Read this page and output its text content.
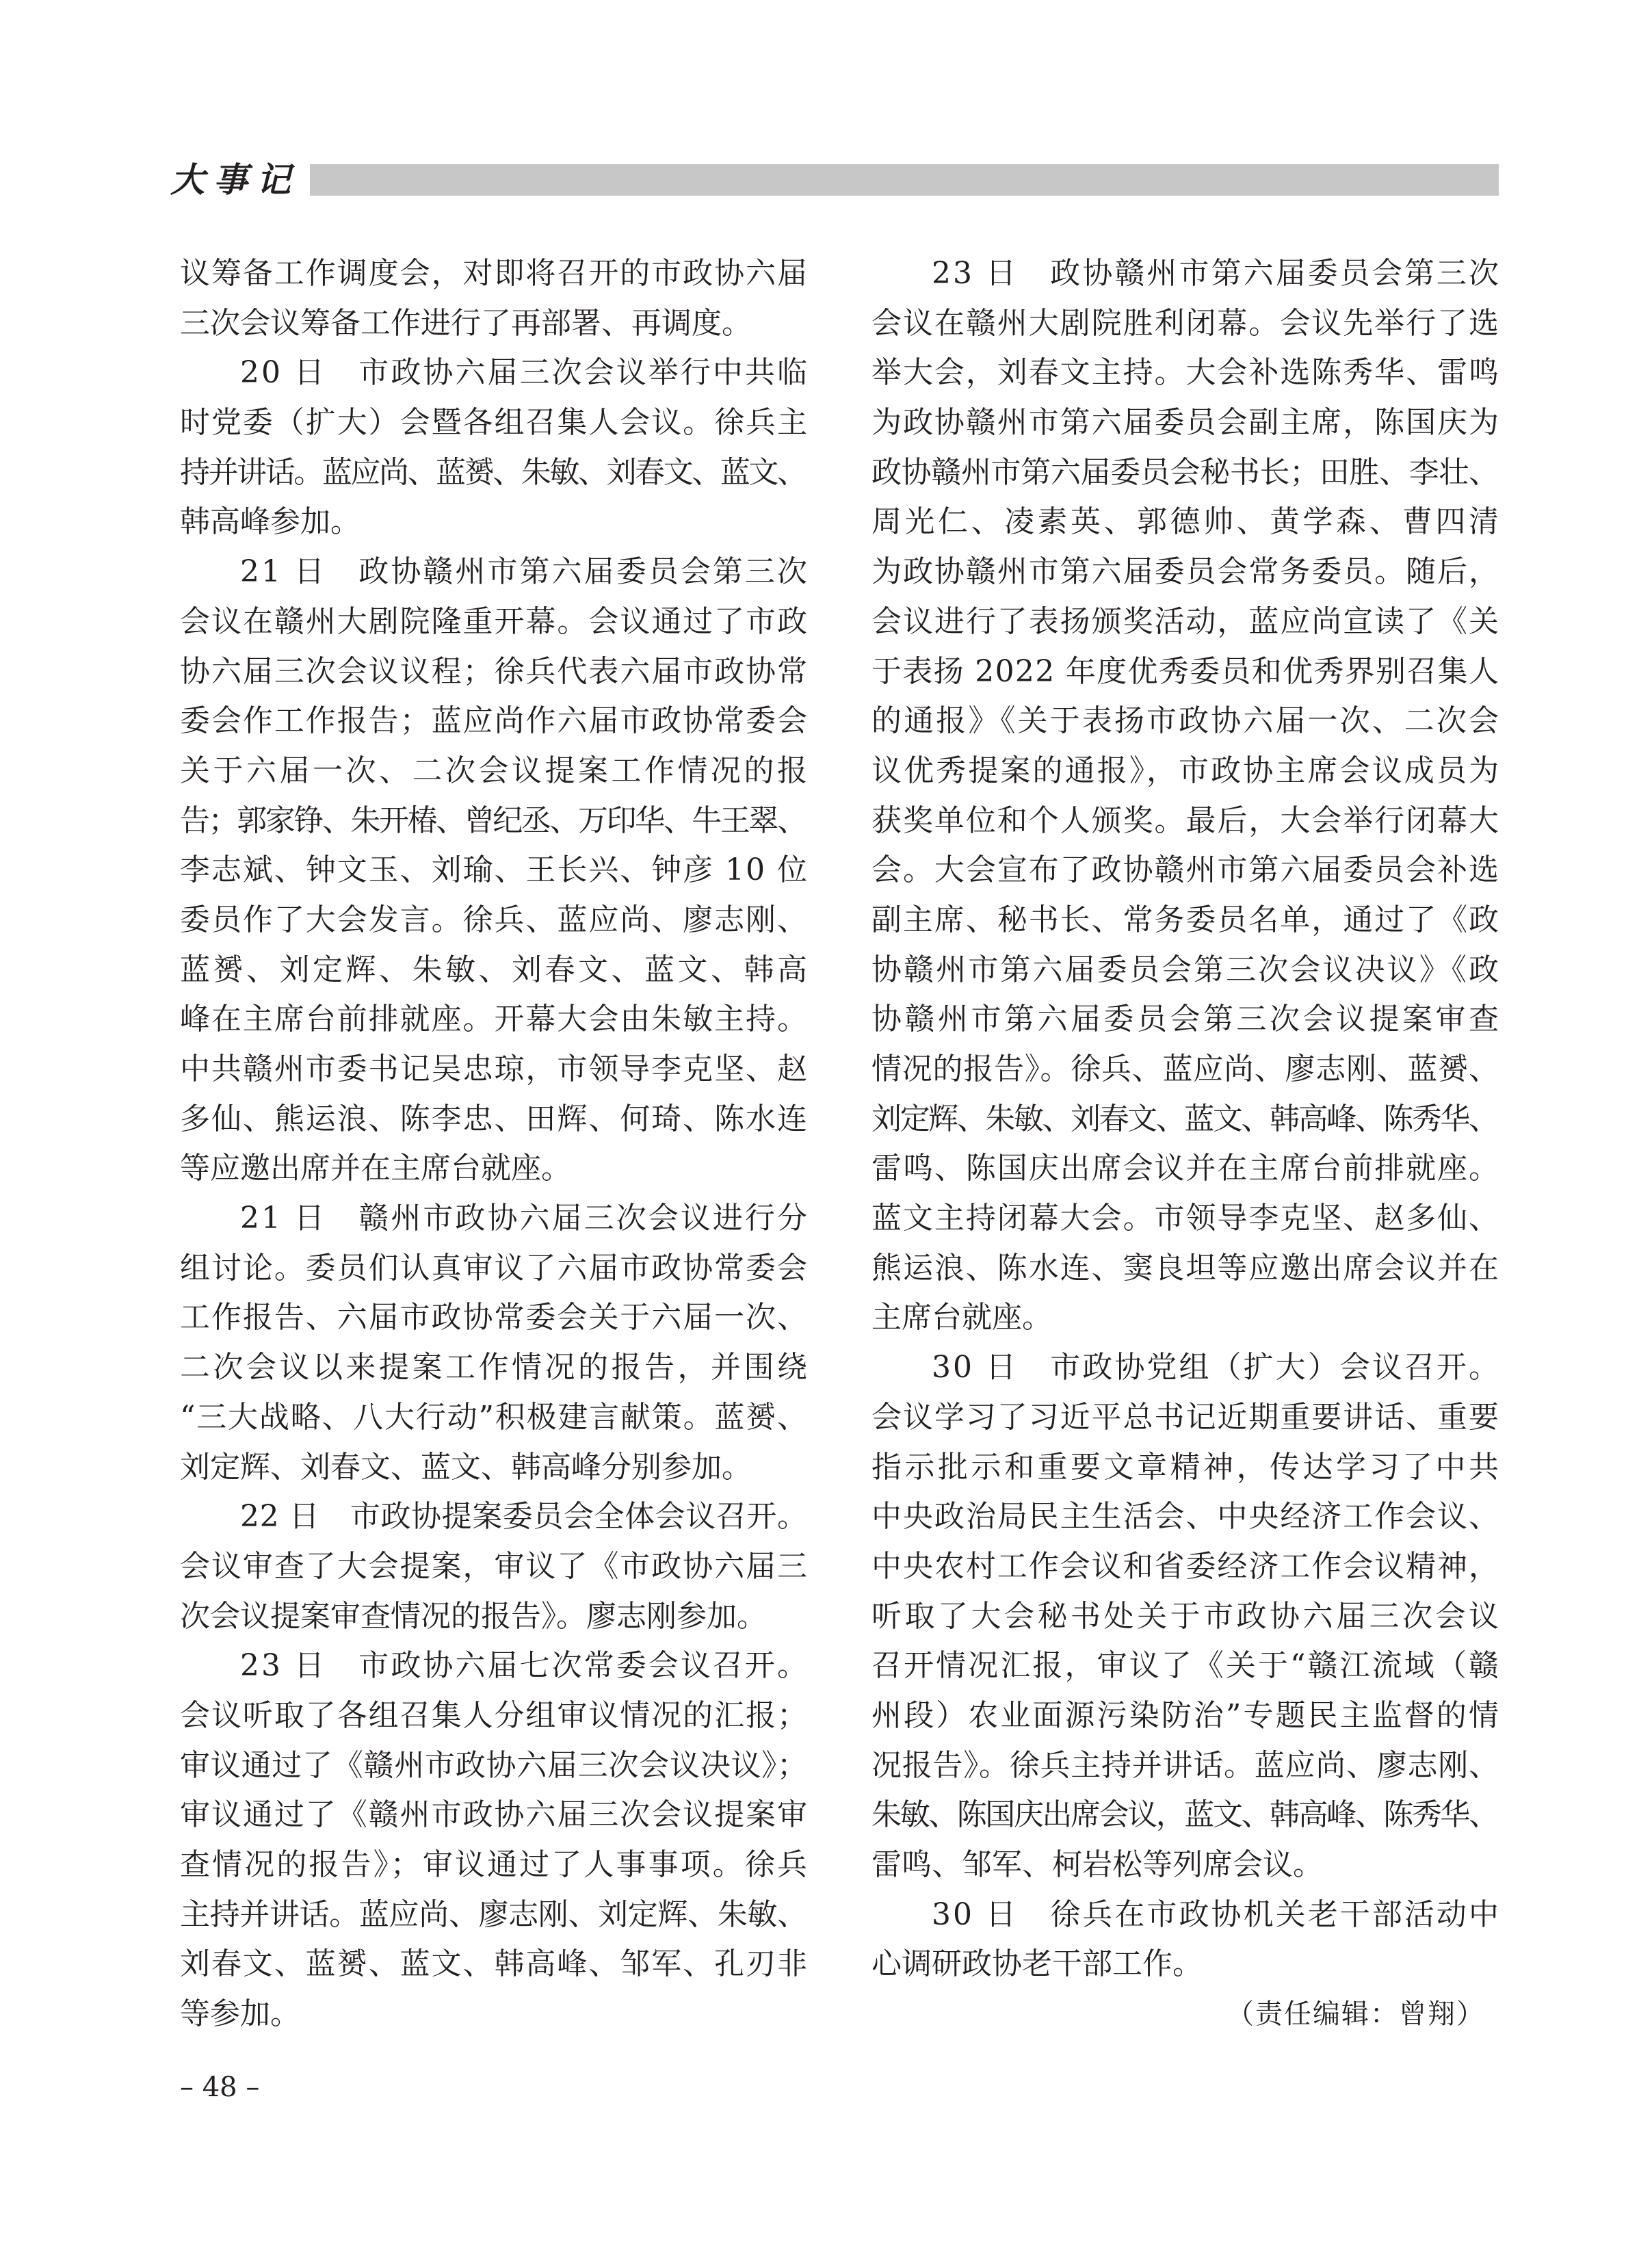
大事记
议筹备工作调度会，对即将召开的市政协六届
三次会议筹备工作进行了再部署、再调度。
20 日　市政协六届三次会议举行中共临
时党委（扩大）会暨各组召集人会议。徐兵主
持并讲话。蓝应尚、蓝赟、朱敏、刘春文、蓝文、
韩高峰参加。
21 日　政协赣州市第六届委员会第三次
会议在赣州大剧院隆重开幕。会议通过了市政
协六届三次会议议程；徐兵代表六届市政协常
委会作工作报告；蓝应尚作六届市政协常委会
关于六届一次、二次会议提案工作情况的报
告；郭家铮、朱开椿、曾纪丞、万印华、牛王翠、
李志斌、钟文玉、刘瑜、王长兴、钟彦 10 位
委员作了大会发言。徐兵、蓝应尚、廖志刚、
蓝赟、刘定辉、朱敏、刘春文、蓝文、韩高
峰在主席台前排就座。开幕大会由朱敏主持。
中共赣州市委书记吴忠琼，市领导李克坚、赵
多仙、熊运浪、陈李忠、田辉、何琦、陈水连
等应邀出席并在主席台就座。
21 日　赣州市政协六届三次会议进行分
组讨论。委员们认真审议了六届市政协常委会
工作报告、六届市政协常委会关于六届一次、
二次会议以来提案工作情况的报告，并围绕
“三大战略、八大行动”积极建言献策。蓝赟、
刘定辉、刘春文、蓝文、韩高峰分别参加。
22 日　市政协提案委员会全体会议召开。
会议审查了大会提案，审议了《市政协六届三
次会议提案审查情况的报告》。廖志刚参加。
23 日　市政协六届七次常委会议召开。
会议听取了各组召集人分组审议情况的汇报；
审议通过了《赣州市政协六届三次会议决议》；
审议通过了《赣州市政协六届三次会议提案审
查情况的报告》；审议通过了人事事项。徐兵
主持并讲话。蓝应尚、廖志刚、刘定辉、朱敏、
刘春文、蓝赟、蓝文、韩高峰、邹军、孔刃非
等参加。
23 日　政协赣州市第六届委员会第三次
会议在赣州大剧院胜利闭幕。会议先举行了选
举大会，刘春文主持。大会补选陈秀华、雷鸣
为政协赣州市第六届委员会副主席，陈国庆为
政协赣州市第六届委员会秘书长；田胜、李壮、
周光仁、凌素英、郭德帅、黄学森、曹四清
为政协赣州市第六届委员会常务委员。随后，
会议进行了表扬颁奖活动，蓝应尚宣读了《关
于表扬 2022 年度优秀委员和优秀界别召集人
的通报》《关于表扬市政协六届一次、二次会
议优秀提案的通报》，市政协主席会议成员为
获奖单位和个人颁奖。最后，大会举行闭幕大
会。大会宣布了政协赣州市第六届委员会补选
副主席、秘书长、常务委员名单，通过了《政
协赣州市第六届委员会第三次会议决议》《政
协赣州市第六届委员会第三次会议提案审查
情况的报告》。徐兵、蓝应尚、廖志刚、蓝赟、
刘定辉、朱敏、刘春文、蓝文、韩高峰、陈秀华、
雷鸣、陈国庆出席会议并在主席台前排就座。
蓝文主持闭幕大会。市领导李克坚、赵多仙、
熊运浪、陈水连、窦良坦等应邀出席会议并在
主席台就座。
30 日　市政协党组（扩大）会议召开。
会议学习了习近平总书记近期重要讲话、重要
指示批示和重要文章精神，传达学习了中共
中央政治局民主生活会、中央经济工作会议、
中央农村工作会议和省委经济工作会议精神，
听取了大会秘书处关于市政协六届三次会议
召开情况汇报，审议了《关于“赣江流域（赣
州段）农业面源污染防治”专题民主监督的情
况报告》。徐兵主持并讲话。蓝应尚、廖志刚、
朱敏、陈国庆出席会议，蓝文、韩高峰、陈秀华、
雷鸣、邹军、柯岩松等列席会议。
30 日　徐兵在市政协机关老干部活动中
心调研政协老干部工作。
（责任编辑：曾翔）
– 48 –
